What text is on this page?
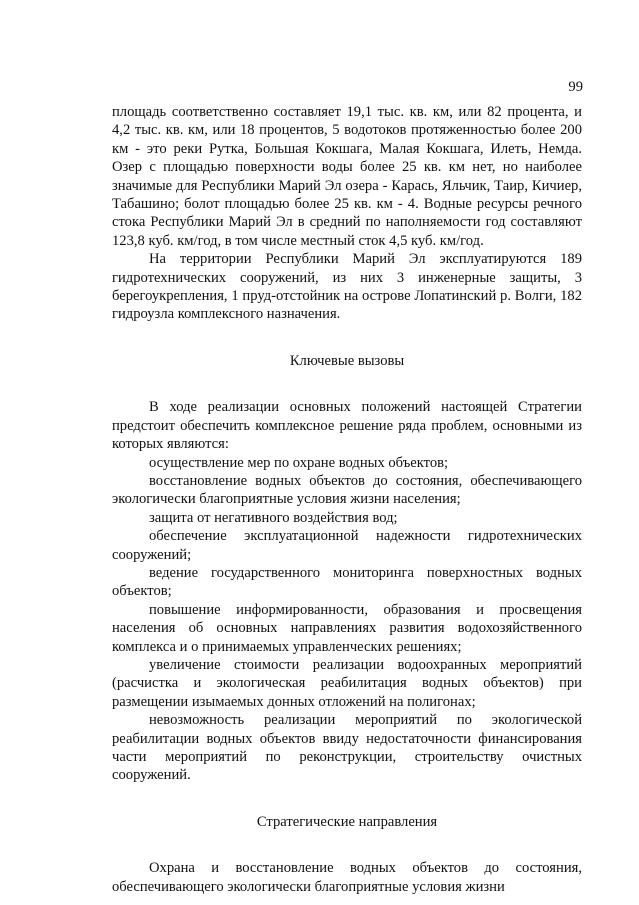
99

площадь соответственно составляет 19,1 тыс. кв. км, или 82 процента, и 4,2 тыс. кв. км, или 18 процентов, 5 водотоков протяженностью более 200 км - это реки Рутка, Большая Кокшага, Малая Кокшага, Илеть, Немда. Озер с площадью поверхности воды более 25 кв. км нет, но наиболее значимые для Республики Марий Эл озера - Карась, Яльчик, Таир, Кичиер, Табашино; болот площадью более 25 кв. км - 4. Водные ресурсы речного стока Республики Марий Эл в средний по наполняемости год составляют 123,8 куб. км/год, в том числе местный сток 4,5 куб. км/год.

На территории Республики Марий Эл эксплуатируются 189 гидротехнических сооружений, из них 3 инженерные защиты, 3 берегоукрепления, 1 пруд-отстойник на острове Лопатинский р. Волги, 182 гидроузла комплексного назначения.

Ключевые вызовы

В ходе реализации основных положений настоящей Стратегии предстоит обеспечить комплексное решение ряда проблем, основными из которых являются:

осуществление мер по охране водных объектов;

восстановление водных объектов до состояния, обеспечивающего экологически благоприятные условия жизни населения;

защита от негативного воздействия вод;

обеспечение эксплуатационной надежности гидротехнических сооружений;

ведение государственного мониторинга поверхностных водных объектов;

повышение информированности, образования и просвещения населения об основных направлениях развития водохозяйственного комплекса и о принимаемых управленческих решениях;

увеличение стоимости реализации водоохранных мероприятий (расчистка и экологическая реабилитация водных объектов) при размещении изымаемых донных отложений на полигонах;

невозможность реализации мероприятий по экологической реабилитации водных объектов ввиду недостаточности финансирования части мероприятий по реконструкции, строительству очистных сооружений.

Стратегические направления

Охрана и восстановление водных объектов до состояния, обеспечивающего экологически благоприятные условия жизни
